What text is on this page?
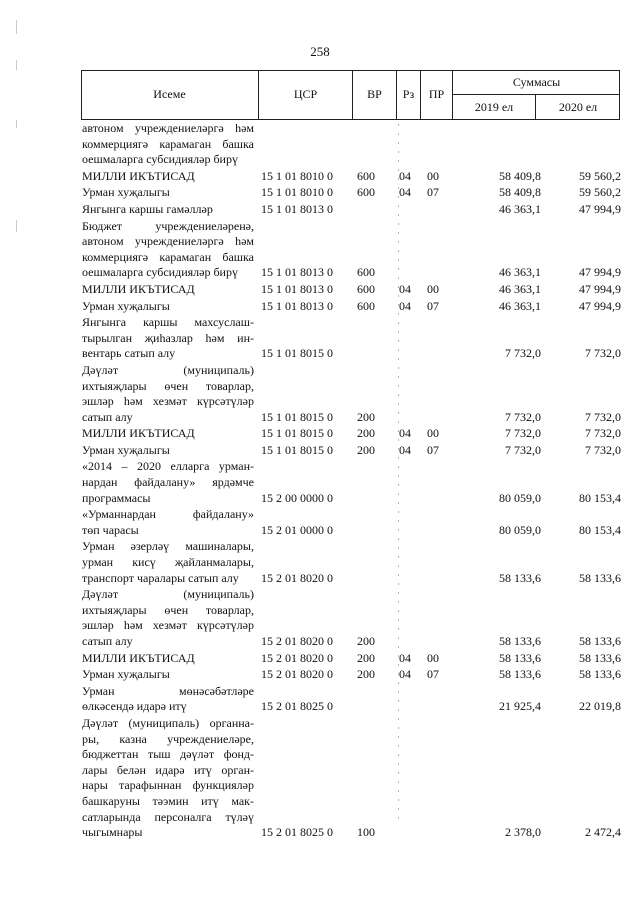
258
Исеме	ЦСР	ВР	Рз	ПР
Суммасы
2019 ел	2020 ел
автоном учреждениеләргә һәм
коммерциягә карамаган башка
оешмаларга субсидияләр бирү
МИЛЛИ ИКЪТИСАД	15 1 01 8010 0	600	04	00	58 409,8	59 560,2
Урман хуҗалыгы	15 1 01 8010 0	600	04	07	58 409,8	59 560,2
Янгынга каршы гамәлләр	15 1 01 8013 0	46 363,1	47 994,9
Бюджет учреждениеләренә,
автоном учреждениеләргә һәм
коммерциягә карамаган башка
оешмаларга субсидияләр бирү	15 1 01 8013 0	600	46 363,1	47 994,9
МИЛЛИ ИКЪТИСАД	15 1 01 8013 0	600	04	00	46 363,1	47 994,9
Урман хуҗалыгы	15 1 01 8013 0	600	04	07	46 363,1	47 994,9
Янгынга каршы махсуслаш-
тырылган җиһазлар һәм ин-
вентарь сатып алу	15 1 01 8015 0	7 732,0	7 732,0
Дәүләт (муниципаль)
ихтыяҗлары өчен товарлар,
эшләр һәм хезмәт күрсәтүләр
сатып алу	15 1 01 8015 0	200	7 732,0	7 732,0
МИЛЛИ ИКЪТИСАД	15 1 01 8015 0	200	04	00	7 732,0	7 732,0
Урман хуҗалыгы	15 1 01 8015 0	200	04	07	7 732,0	7 732,0
«2014 – 2020 елларга урман-
нардан файдалану» ярдәмче
программасы	15 2 00 0000 0	80 059,0	80 153,4
«Урманнардан файдалану»
төп чарасы	15 2 01 0000 0	80 059,0	80 153,4
Урман әзерләү машиналары,
урман кисү җайланмалары,
транспорт чаралары сатып алу	15 2 01 8020 0	58 133,6	58 133,6
Дәүләт (муниципаль)
ихтыяҗлары өчен товарлар,
эшләр һәм хезмәт күрсәтүләр
сатып алу	15 2 01 8020 0	200	58 133,6	58 133,6
МИЛЛИ ИКЪТИСАД	15 2 01 8020 0	200	04	00	58 133,6	58 133,6
Урман хуҗалыгы	15 2 01 8020 0	200	04	07	58 133,6	58 133,6
Урман мөнәсәбәтләре
өлкәсендә идарә итү	15 2 01 8025 0	21 925,4	22 019,8
Дәүләт (муниципаль) органна-
ры, казна учреждениеләре,
бюджеттан тыш дәүләт фонд-
лары белән идарә итү орган-
нары тарафыннан функцияләр
башкаруны тәэмин итү мак-
сатларында персоналга түләү
чыгымнары	15 2 01 8025 0	100	2 378,0	2 472,4
